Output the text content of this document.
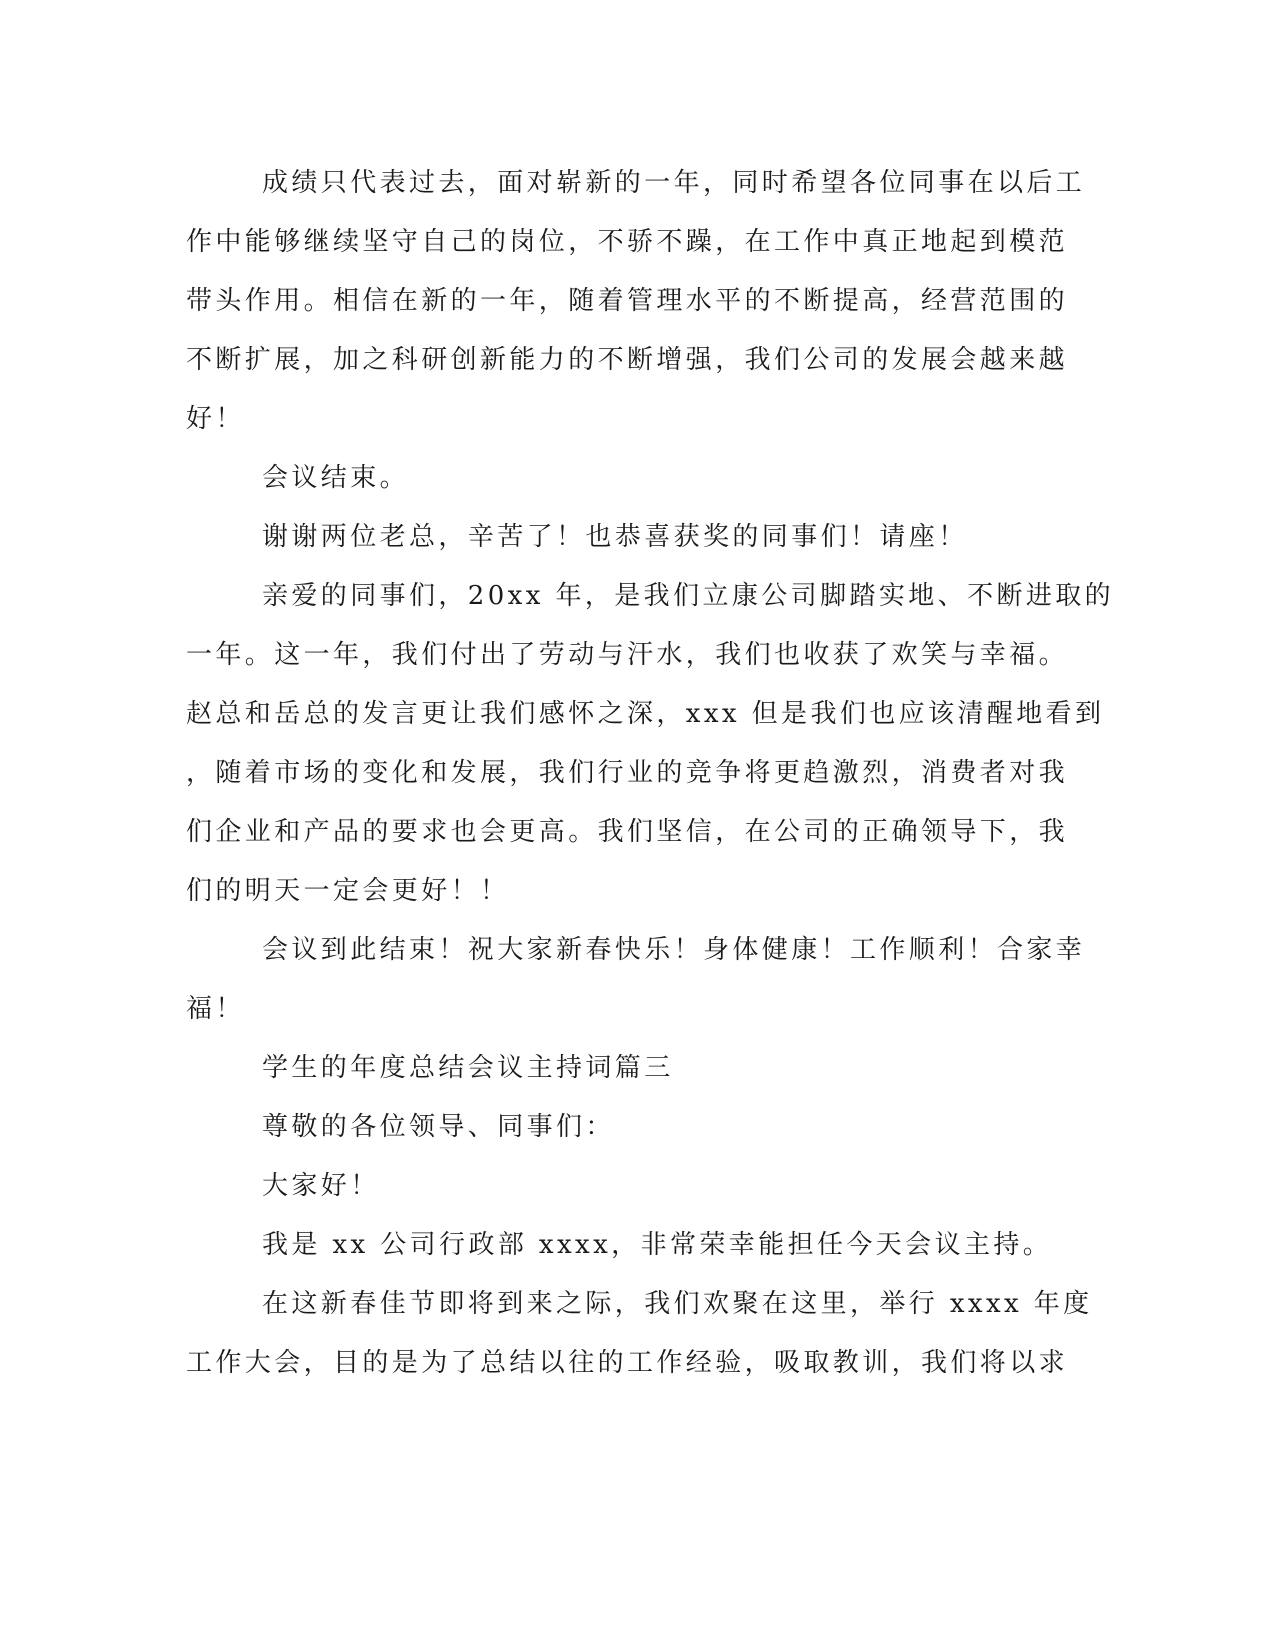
成绩只代表过去，面对崭新的一年，同时希望各位同事在以后工

作中能够继续坚守自己的岗位，不骄不躁，在工作中真正地起到模范

带头作用。相信在新的一年，随着管理水平的不断提高，经营范围的

不断扩展，加之科研创新能力的不断增强，我们公司的发展会越来越

好！

会议结束。

谢谢两位老总，辛苦了！也恭喜获奖的同事们！请座！

亲爱的同事们，20xx 年，是我们立康公司脚踏实地、不断进取的

一年。这一年，我们付出了劳动与汗水，我们也收获了欢笑与幸福。

赵总和岳总的发言更让我们感怀之深，xxx 但是我们也应该清醒地看到

，随着市场的变化和发展，我们行业的竞争将更趋激烈，消费者对我

们企业和产品的要求也会更高。我们坚信，在公司的正确领导下，我

们的明天一定会更好！！

会议到此结束！祝大家新春快乐！身体健康！工作顺利！合家幸

福！

学生的年度总结会议主持词篇三

尊敬的各位领导、同事们：

大家好！

我是 xx 公司行政部 xxxx，非常荣幸能担任今天会议主持。

在这新春佳节即将到来之际，我们欢聚在这里，举行 xxxx 年度

工作大会，目的是为了总结以往的工作经验，吸取教训，我们将以求
